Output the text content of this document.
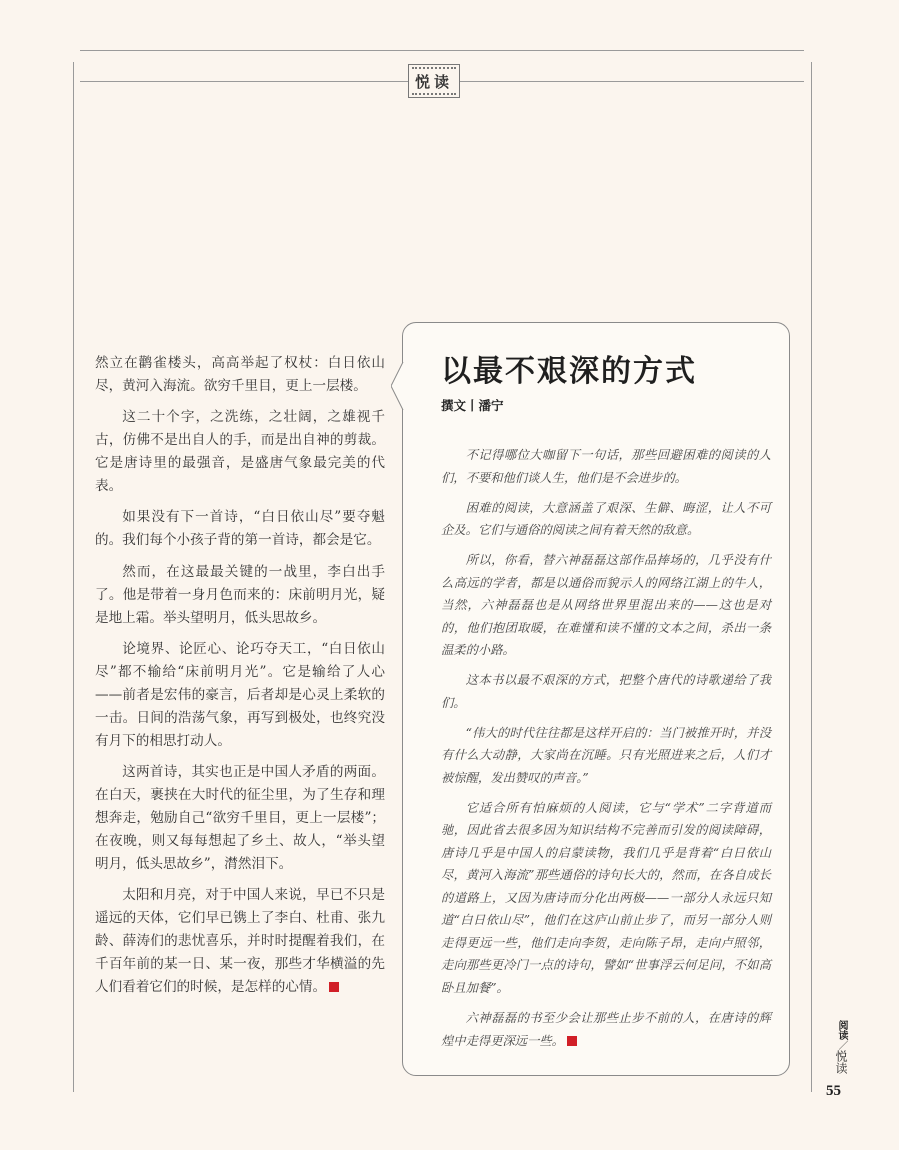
悦读

然立在鹳雀楼头，高高举起了权杖：白日依山尽，黄河入海流。欲穷千里目，更上一层楼。

这二十个字，之洗练，之壮阔，之雄视千古，仿佛不是出自人的手，而是出自神的剪裁。它是唐诗里的最强音，是盛唐气象最完美的代表。

如果没有下一首诗，“白日依山尽”要夺魁的。我们每个小孩子背的第一首诗，都会是它。

然而，在这最最关键的一战里，李白出手了。他是带着一身月色而来的：床前明月光，疑是地上霜。举头望明月，低头思故乡。

论境界、论匠心、论巧夺天工，“白日依山尽”都不输给“床前明月光”。它是输给了人心——前者是宏伟的豪言，后者却是心灵上柔软的一击。日间的浩荡气象，再写到极处，也终究没有月下的相思打动人。

这两首诗，其实也正是中国人矛盾的两面。在白天，裹挟在大时代的征尘里，为了生存和理想奔走，勉励自己“欲穷千里目，更上一层楼”；在夜晚，则又每每想起了乡土、故人，“举头望明月，低头思故乡”，潸然泪下。

太阳和月亮，对于中国人来说，早已不只是遥远的天体，它们早已镌上了李白、杜甫、张九龄、薛涛们的悲忧喜乐，并时时提醒着我们，在千百年前的某一日、某一夜，那些才华横溢的先人们看着它们的时候，是怎样的心情。

以最不艰深的方式
撰文丨潘宁

不记得哪位大咖留下一句话，那些回避困难的阅读的人们，不要和他们谈人生，他们是不会进步的。

困难的阅读，大意涵盖了艰深、生僻、晦涩，让人不可企及。它们与通俗的阅读之间有着天然的敌意。

所以，你看，替六神磊磊这部作品捧场的，几乎没有什么高远的学者，都是以通俗而貌示人的网络江湖上的牛人，当然，六神磊磊也是从网络世界里混出来的——这也是对的，他们抱团取暖，在难懂和读不懂的文本之间，杀出一条温柔的小路。

这本书以最不艰深的方式，把整个唐代的诗歌递给了我们。

“伟大的时代往往都是这样开启的：当门被推开时，并没有什么大动静，大家尚在沉睡。只有光照进来之后，人们才被惊醒，发出赞叹的声音。”

它适合所有怕麻烦的人阅读，它与“学术”二字背道而驰，因此省去很多因为知识结构不完善而引发的阅读障碍，唐诗几乎是中国人的启蒙读物，我们几乎是背着“白日依山尽，黄河入海流”那些通俗的诗句长大的，然而，在各自成长的道路上，又因为唐诗而分化出两极——一部分人永远只知道“白日依山尽”，他们在这庐山前止步了，而另一部分人则走得更远一些，他们走向李贺，走向陈子昂，走向卢照邻，走向那些更冷门一点的诗句，譬如“世事浮云何足问，不如高卧且加餐”。

六神磊磊的书至少会让那些止步不前的人，在唐诗的辉煌中走得更深远一些。

阅读／悦读
55
